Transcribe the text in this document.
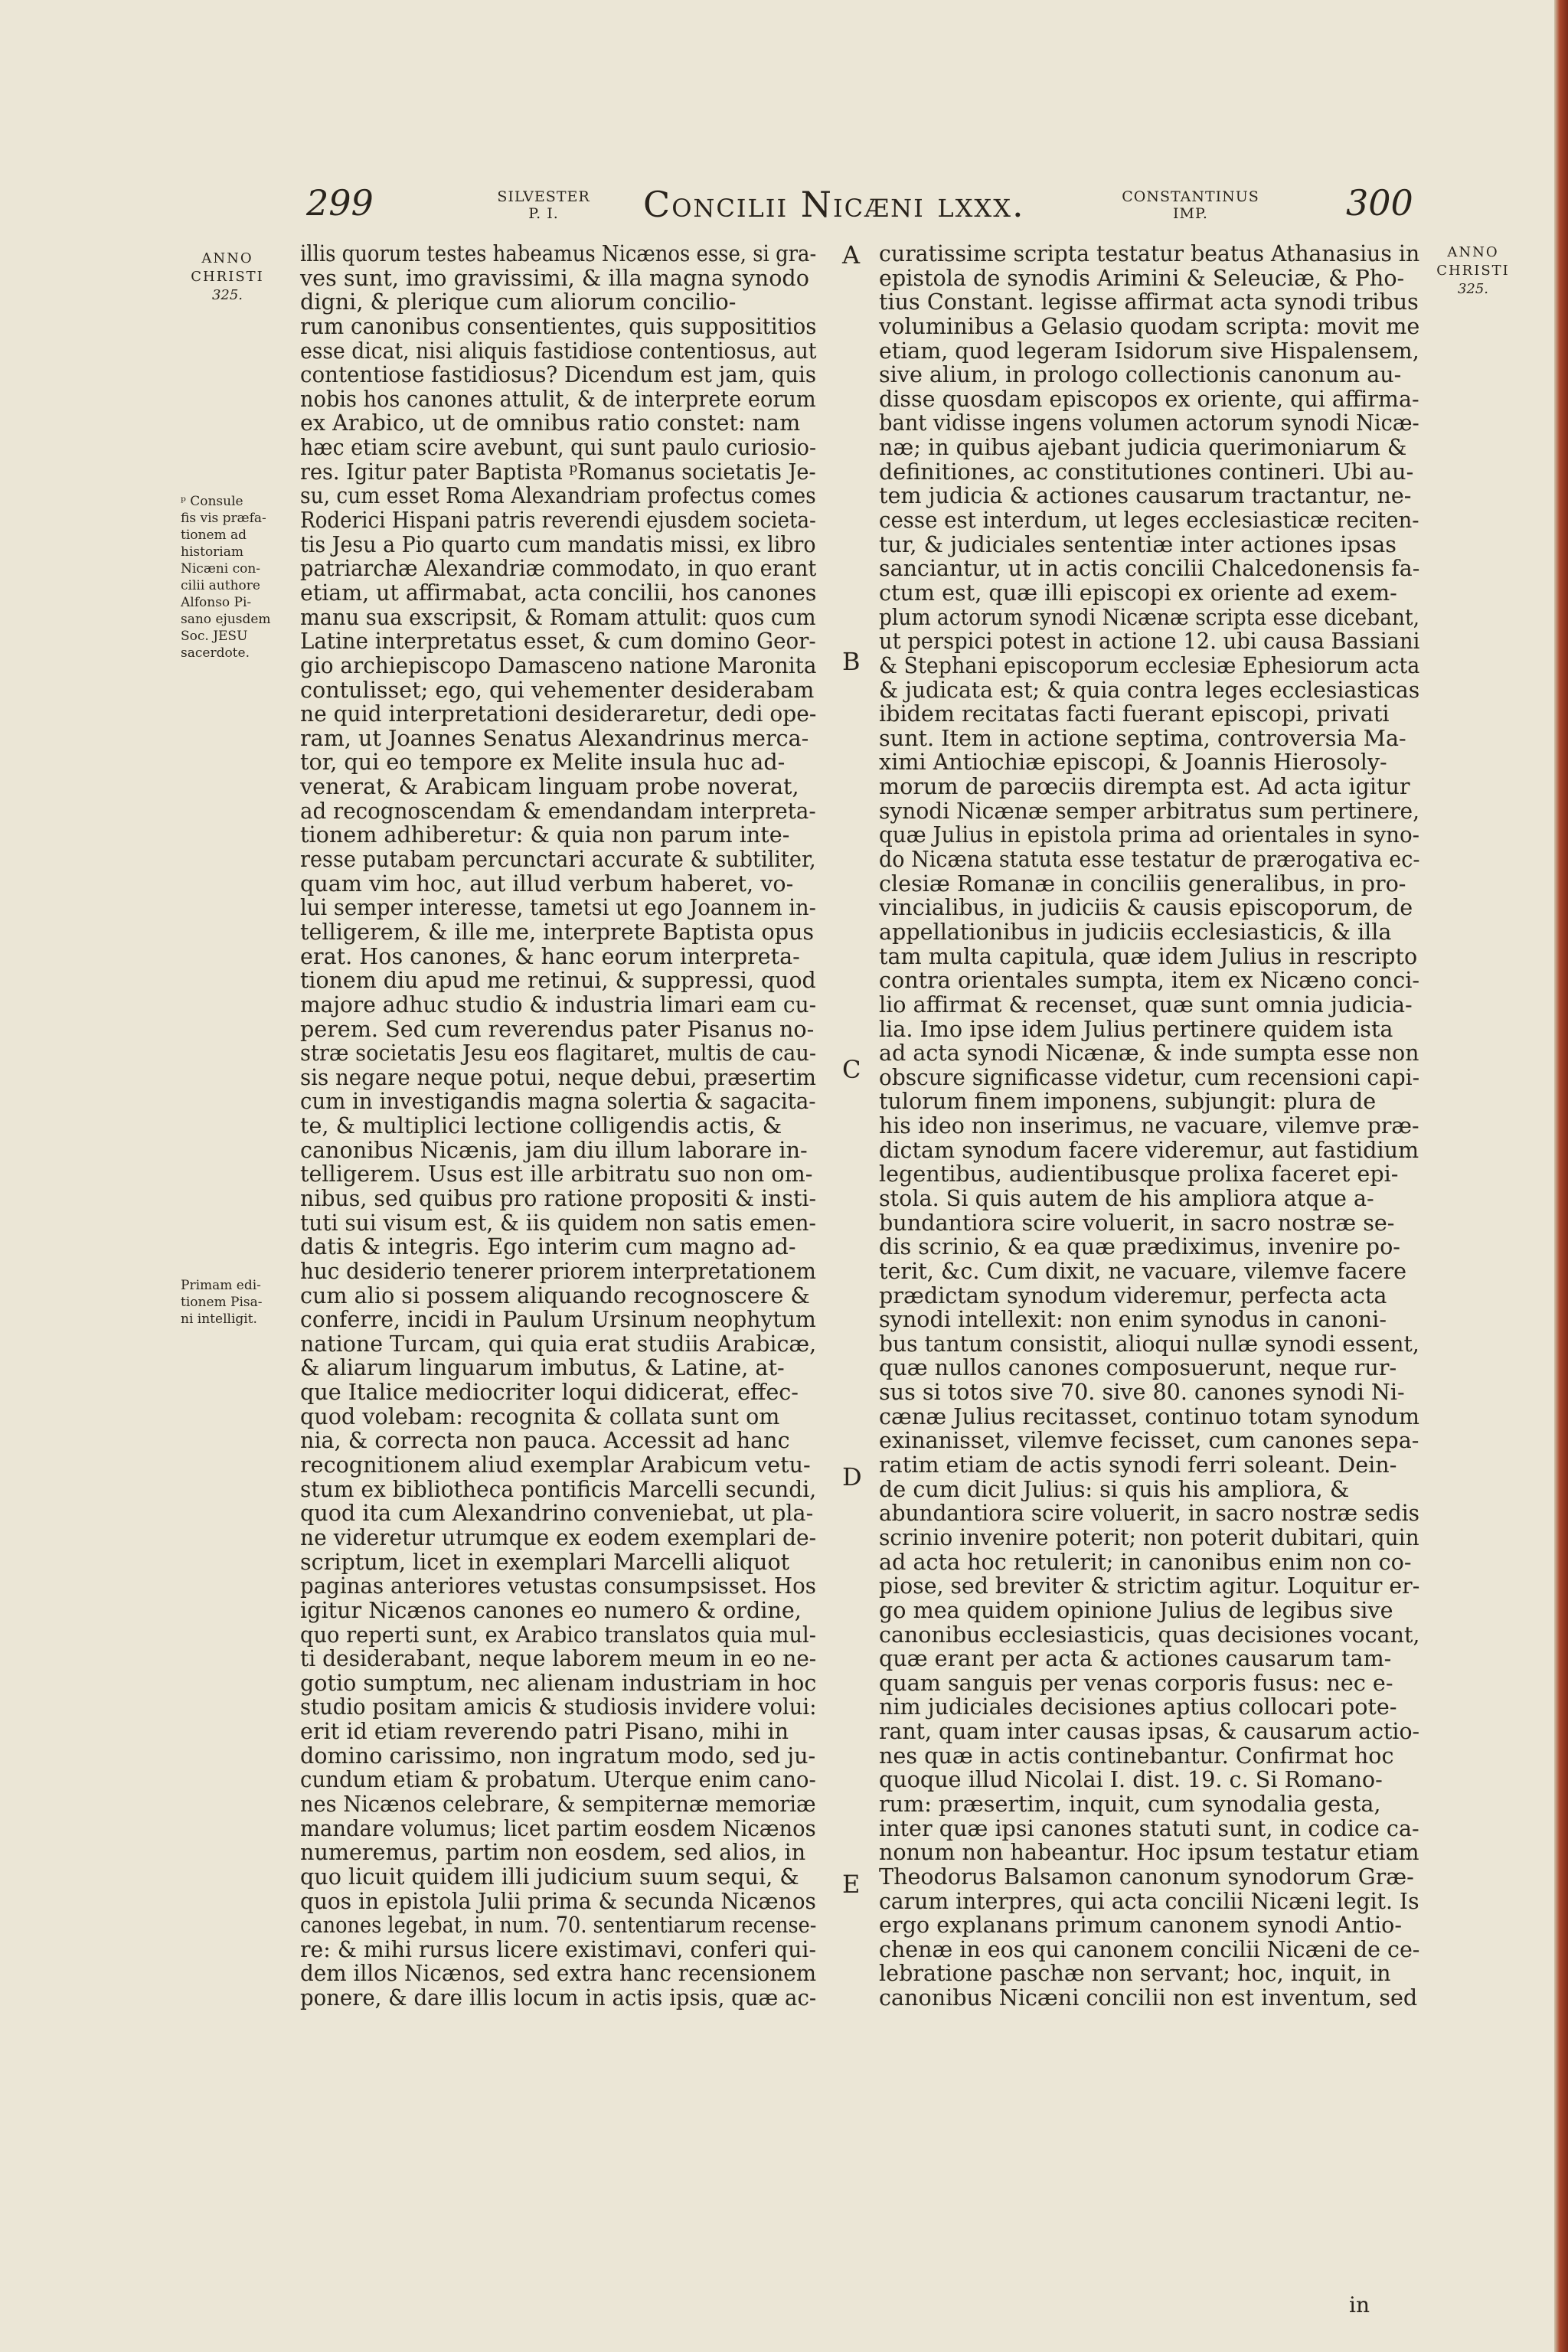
299	SILVESTER
P. I.	Concilii Nicæni lxxx.	CONSTANTINUS
IMP.	300
ANNO
CHRISTI
325.
ANNO
CHRISTI
325.
ᵖ Consule
fis vis præfa-
tionem ad
historiam
Nicæni con-
cilii authore
Alfonso Pi-
sano ejusdem
Soc. JESU
sacerdote.
Primam edi-
tionem Pisa-
ni intelligit.
illis quorum testes habeamus Nicænos esse, si gra-
ves sunt, imo gravissimi, & illa magna synodo
digni, & plerique cum aliorum concilio-
rum canonibus consentientes, quis supposititios
esse dicat, nisi aliquis fastidiose contentiosus, aut
contentiose fastidiosus? Dicendum est jam, quis
nobis hos canones attulit, & de interprete eorum
ex Arabico, ut de omnibus ratio constet: nam
hæc etiam scire avebunt, qui sunt paulo curiosio-
res. Igitur pater Baptista ᵖRomanus societatis Je-
su, cum esset Roma Alexandriam profectus comes
Roderici Hispani patris reverendi ejusdem societa-
tis Jesu a Pio quarto cum mandatis missi, ex libro
patriarchæ Alexandriæ commodato, in quo erant
etiam, ut affirmabat, acta concilii, hos canones
manu sua exscripsit, & Romam attulit: quos cum
Latine interpretatus esset, & cum domino Geor-
gio archiepiscopo Damasceno natione Maronita
contulisset; ego, qui vehementer desiderabam
ne quid interpretationi desideraretur, dedi ope-
ram, ut Joannes Senatus Alexandrinus merca-
tor, qui eo tempore ex Melite insula huc ad-
venerat, & Arabicam linguam probe noverat,
ad recognoscendam & emendandam interpreta-
tionem adhiberetur: & quia non parum inte-
resse putabam percunctari accurate & subtiliter,
quam vim hoc, aut illud verbum haberet, vo-
lui semper interesse, tametsi ut ego Joannem in-
telligerem, & ille me, interprete Baptista opus
erat. Hos canones, & hanc eorum interpreta-
tionem diu apud me retinui, & suppressi, quod
majore adhuc studio & industria limari eam cu-
perem. Sed cum reverendus pater Pisanus no-
stræ societatis Jesu eos flagitaret, multis de cau-
sis negare neque potui, neque debui, præsertim
cum in investigandis magna solertia & sagacita-
te, & multiplici lectione colligendis actis, &
canonibus Nicænis, jam diu illum laborare in-
telligerem. Usus est ille arbitratu suo non om-
nibus, sed quibus pro ratione propositi & insti-
tuti sui visum est, & iis quidem non satis emen-
datis & integris. Ego interim cum magno ad-
huc desiderio tenerer priorem interpretationem
cum alio si possem aliquando recognoscere &
conferre, incidi in Paulum Ursinum neophytum
natione Turcam, qui quia erat studiis Arabicæ,
& aliarum linguarum imbutus, & Latine, at-
que Italice mediocriter loqui didicerat, effec-
quod volebam: recognita & collata sunt om
nia, & correcta non pauca. Accessit ad hanc
recognitionem aliud exemplar Arabicum vetu-
stum ex bibliotheca pontificis Marcelli secundi,
quod ita cum Alexandrino conveniebat, ut pla-
ne videretur utrumque ex eodem exemplari de-
scriptum, licet in exemplari Marcelli aliquot
paginas anteriores vetustas consumpsisset. Hos
igitur Nicænos canones eo numero & ordine,
quo reperti sunt, ex Arabico translatos quia mul-
ti desiderabant, neque laborem meum in eo ne-
gotio sumptum, nec alienam industriam in hoc
studio positam amicis & studiosis invidere volui:
erit id etiam reverendo patri Pisano, mihi in
domino carissimo, non ingratum modo, sed ju-
cundum etiam & probatum. Uterque enim cano-
nes Nicænos celebrare, & sempiternæ memoriæ
mandare volumus; licet partim eosdem Nicænos
numeremus, partim non eosdem, sed alios, in
quo licuit quidem illi judicium suum sequi, &
quos in epistola Julii prima & secunda Nicænos
canones legebat, in num. 70. sententiarum recense-
re: & mihi rursus licere existimavi, conferi qui-
dem illos Nicænos, sed extra hanc recensionem
ponere, & dare illis locum in actis ipsis, quæ ac-
curatissime scripta testatur beatus Athanasius in
epistola de synodis Arimini & Seleuciæ, & Pho-
tius Constant. legisse affirmat acta synodi tribus
voluminibus a Gelasio quodam scripta: movit me
etiam, quod legeram Isidorum sive Hispalensem,
sive alium, in prologo collectionis canonum au-
disse quosdam episcopos ex oriente, qui affirma-
bant vidisse ingens volumen actorum synodi Nicæ-
næ; in quibus ajebant judicia querimoniarum &
definitiones, ac constitutiones contineri. Ubi au-
tem judicia & actiones causarum tractantur, ne-
cesse est interdum, ut leges ecclesiasticæ reciten-
tur, & judiciales sententiæ inter actiones ipsas
sanciantur, ut in actis concilii Chalcedonensis fa-
ctum est, quæ illi episcopi ex oriente ad exem-
plum actorum synodi Nicænæ scripta esse dicebant,
ut perspici potest in actione 12. ubi causa Bassiani
& Stephani episcoporum ecclesiæ Ephesiorum acta
& judicata est; & quia contra leges ecclesiasticas
ibidem recitatas facti fuerant episcopi, privati
sunt. Item in actione septima, controversia Ma-
ximi Antiochiæ episcopi, & Joannis Hierosoly-
morum de parœciis dirempta est. Ad acta igitur
synodi Nicænæ semper arbitratus sum pertinere,
quæ Julius in epistola prima ad orientales in syno-
do Nicæna statuta esse testatur de prærogativa ec-
clesiæ Romanæ in conciliis generalibus, in pro-
vincialibus, in judiciis & causis episcoporum, de
appellationibus in judiciis ecclesiasticis, & illa
tam multa capitula, quæ idem Julius in rescripto
contra orientales sumpta, item ex Nicæno conci-
lio affirmat & recenset, quæ sunt omnia judicia-
lia. Imo ipse idem Julius pertinere quidem ista
ad acta synodi Nicænæ, & inde sumpta esse non
obscure significasse videtur, cum recensioni capi-
tulorum finem imponens, subjungit: plura de
his ideo non inserimus, ne vacuare, vilemve præ-
dictam synodum facere videremur, aut fastidium
legentibus, audientibusque prolixa faceret epi-
stola. Si quis autem de his ampliora atque a-
bundantiora scire voluerit, in sacro nostræ se-
dis scrinio, & ea quæ prædiximus, invenire po-
terit, &c. Cum dixit, ne vacuare, vilemve facere
prædictam synodum videremur, perfecta acta
synodi intellexit: non enim synodus in canoni-
bus tantum consistit, alioqui nullæ synodi essent,
quæ nullos canones composuerunt, neque rur-
sus si totos sive 70. sive 80. canones synodi Ni-
cænæ Julius recitasset, continuo totam synodum
exinanisset, vilemve fecisset, cum canones sepa-
ratim etiam de actis synodi ferri soleant. Dein-
de cum dicit Julius: si quis his ampliora, &
abundantiora scire voluerit, in sacro nostræ sedis
scrinio invenire poterit; non poterit dubitari, quin
ad acta hoc retulerit; in canonibus enim non co-
piose, sed breviter & strictim agitur. Loquitur er-
go mea quidem opinione Julius de legibus sive
canonibus ecclesiasticis, quas decisiones vocant,
quæ erant per acta & actiones causarum tam-
quam sanguis per venas corporis fusus: nec e-
nim judiciales decisiones aptius collocari pote-
rant, quam inter causas ipsas, & causarum actio-
nes quæ in actis continebantur. Confirmat hoc
quoque illud Nicolai I. dist. 19. c. Si Romano-
rum: præsertim, inquit, cum synodalia gesta,
inter quæ ipsi canones statuti sunt, in codice ca-
nonum non habeantur. Hoc ipsum testatur etiam
Theodorus Balsamon canonum synodorum Græ-
carum interpres, qui acta concilii Nicæni legit. Is
ergo explanans primum canonem synodi Antio-
chenæ in eos qui canonem concilii Nicæni de ce-
lebratione paschæ non servant; hoc, inquit, in
canonibus Nicæni concilii non est inventum, sed
A
B
C
D
E
in
